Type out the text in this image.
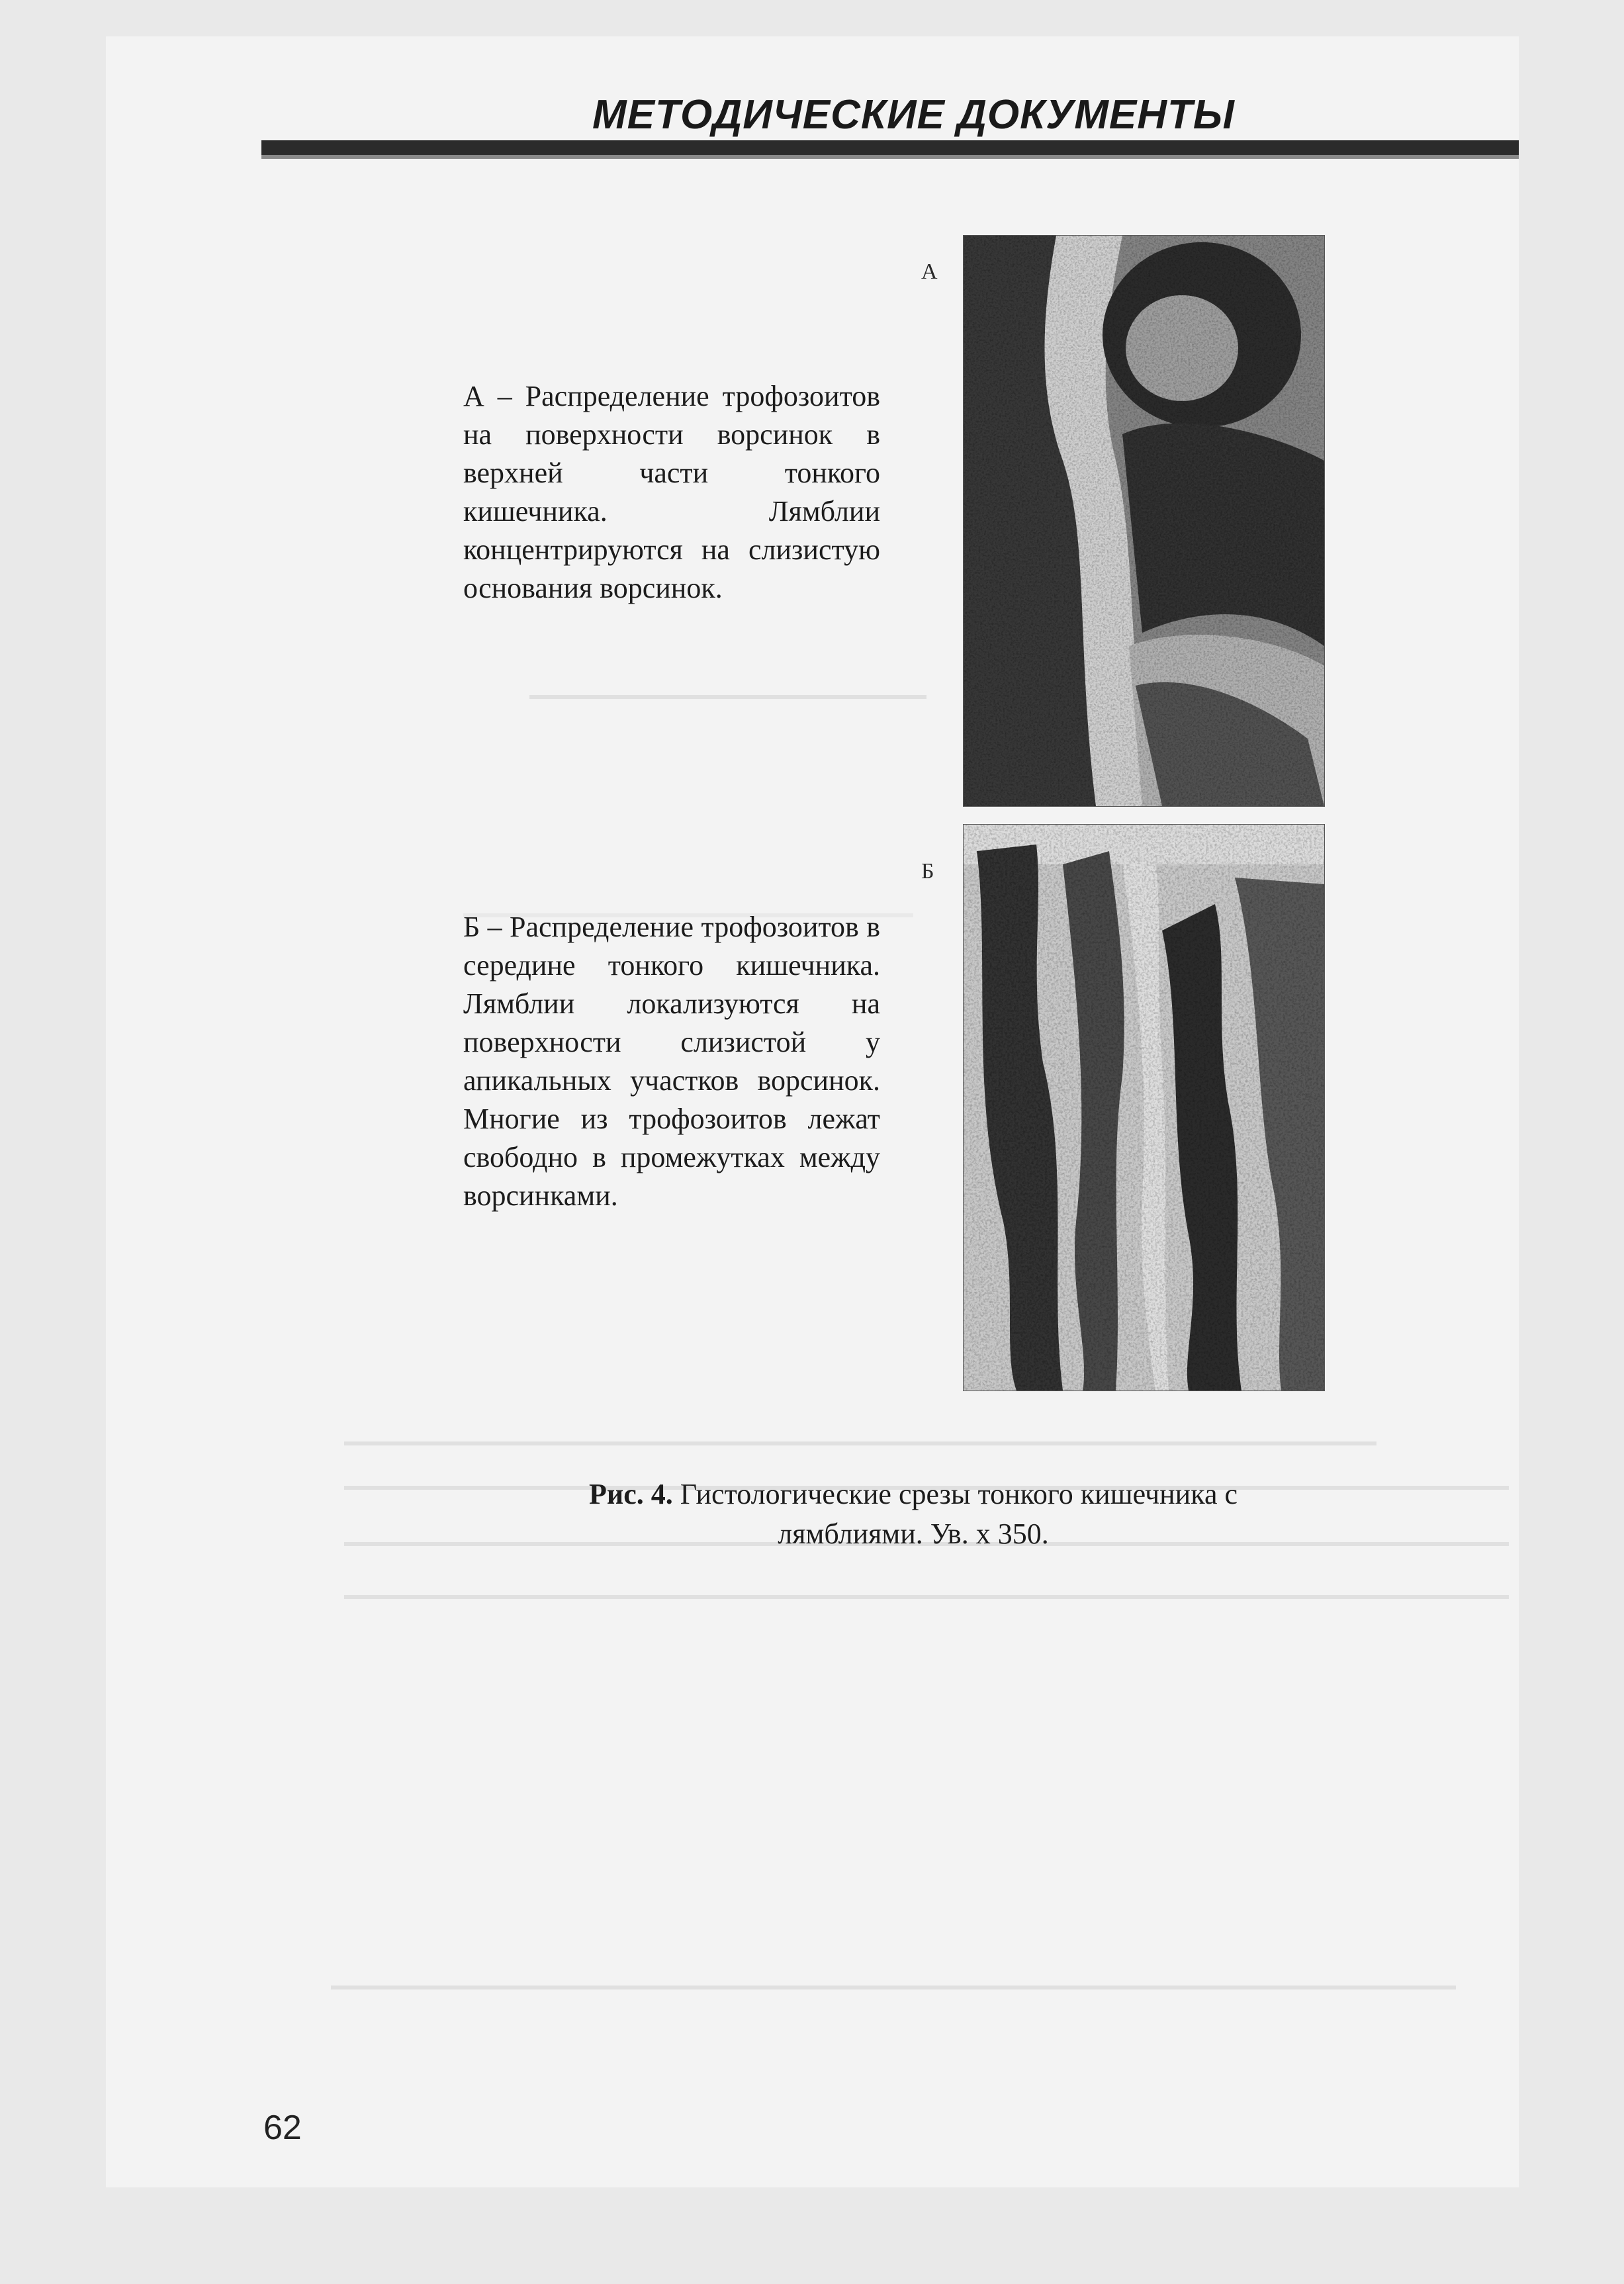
МЕТОДИЧЕСКИЕ ДОКУМЕНТЫ
А – Распределение трофозоитов на поверхности ворсинок в верхней части тонкого кишечника. Лямблии концентрируются на слизистую основания ворсинок.
А
Б – Распределение трофозоитов в середине тонкого кишечника. Лямблии локализуются на поверхности слизистой у апикальных участков ворсинок. Многие из трофозоитов лежат свободно в промежутках между ворсинками.
Б
Рис. 4. Гистологические срезы тонкого кишечника с лямблиями. Ув. х 350.
62
